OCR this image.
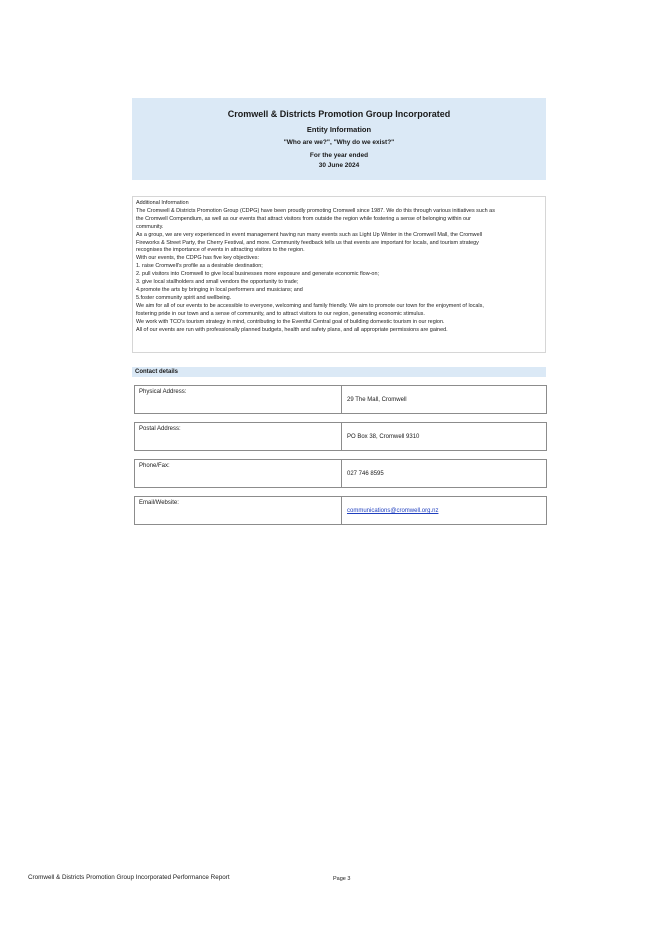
Cromwell & Districts Promotion Group Incorporated
Entity Information
"Who are we?", "Why do we exist?"
For the year ended
30 June 2024

Additional Information

The Cromwell & Districts Promotion Group (CDPG) have been proudly promoting Cromwell since 1987. We do this through various initiatives such as

the Cromwell Compendium, as well as our events that attract visitors from outside the region while fostering a sense of belonging within our

community.

As a group, we are very experienced in event management having run many events such as Light Up Winter in the Cromwell Mall, the Cromwell

Fireworks & Street Party, the Cherry Festival, and more. Community feedback tells us that events are important for locals, and tourism strategy

recognises the importance of events in attracting visitors to the region.

With our events, the CDPG has five key objectives:

1. raise Cromwell's profile as a desirable destination;

2. pull visitors into Cromwell to give local businesses more exposure and generate economic flow-on;

3. give local stallholders and small vendors the opportunity to trade;

4.promote the arts by bringing in local performers and musicians; and

5.foster community spirit and wellbeing.

We aim for all of our events to be accessible to everyone, welcoming and family friendly. We aim to promote our town for the enjoyment of locals,

fostering pride in our town and a sense of community, and to attract visitors to our region, generating economic stimulus.

We work with TCO's tourism strategy in mind, contributing to the Eventful Central goal of building domestic tourism in our region.

All of our events are run with professionally planned budgets, health and safety plans, and all appropriate permissions are gained.

Contact details
Physical Address:
29 The Mall, Cromwell
Postal Address:
PO Box 38, Cromwell 9310
Phone/Fax:
027 746 8595
Email/Website:
communications@cromwell.org.nz
Cromwell & Districts Promotion Group Incorporated Performance Report	Page 3
